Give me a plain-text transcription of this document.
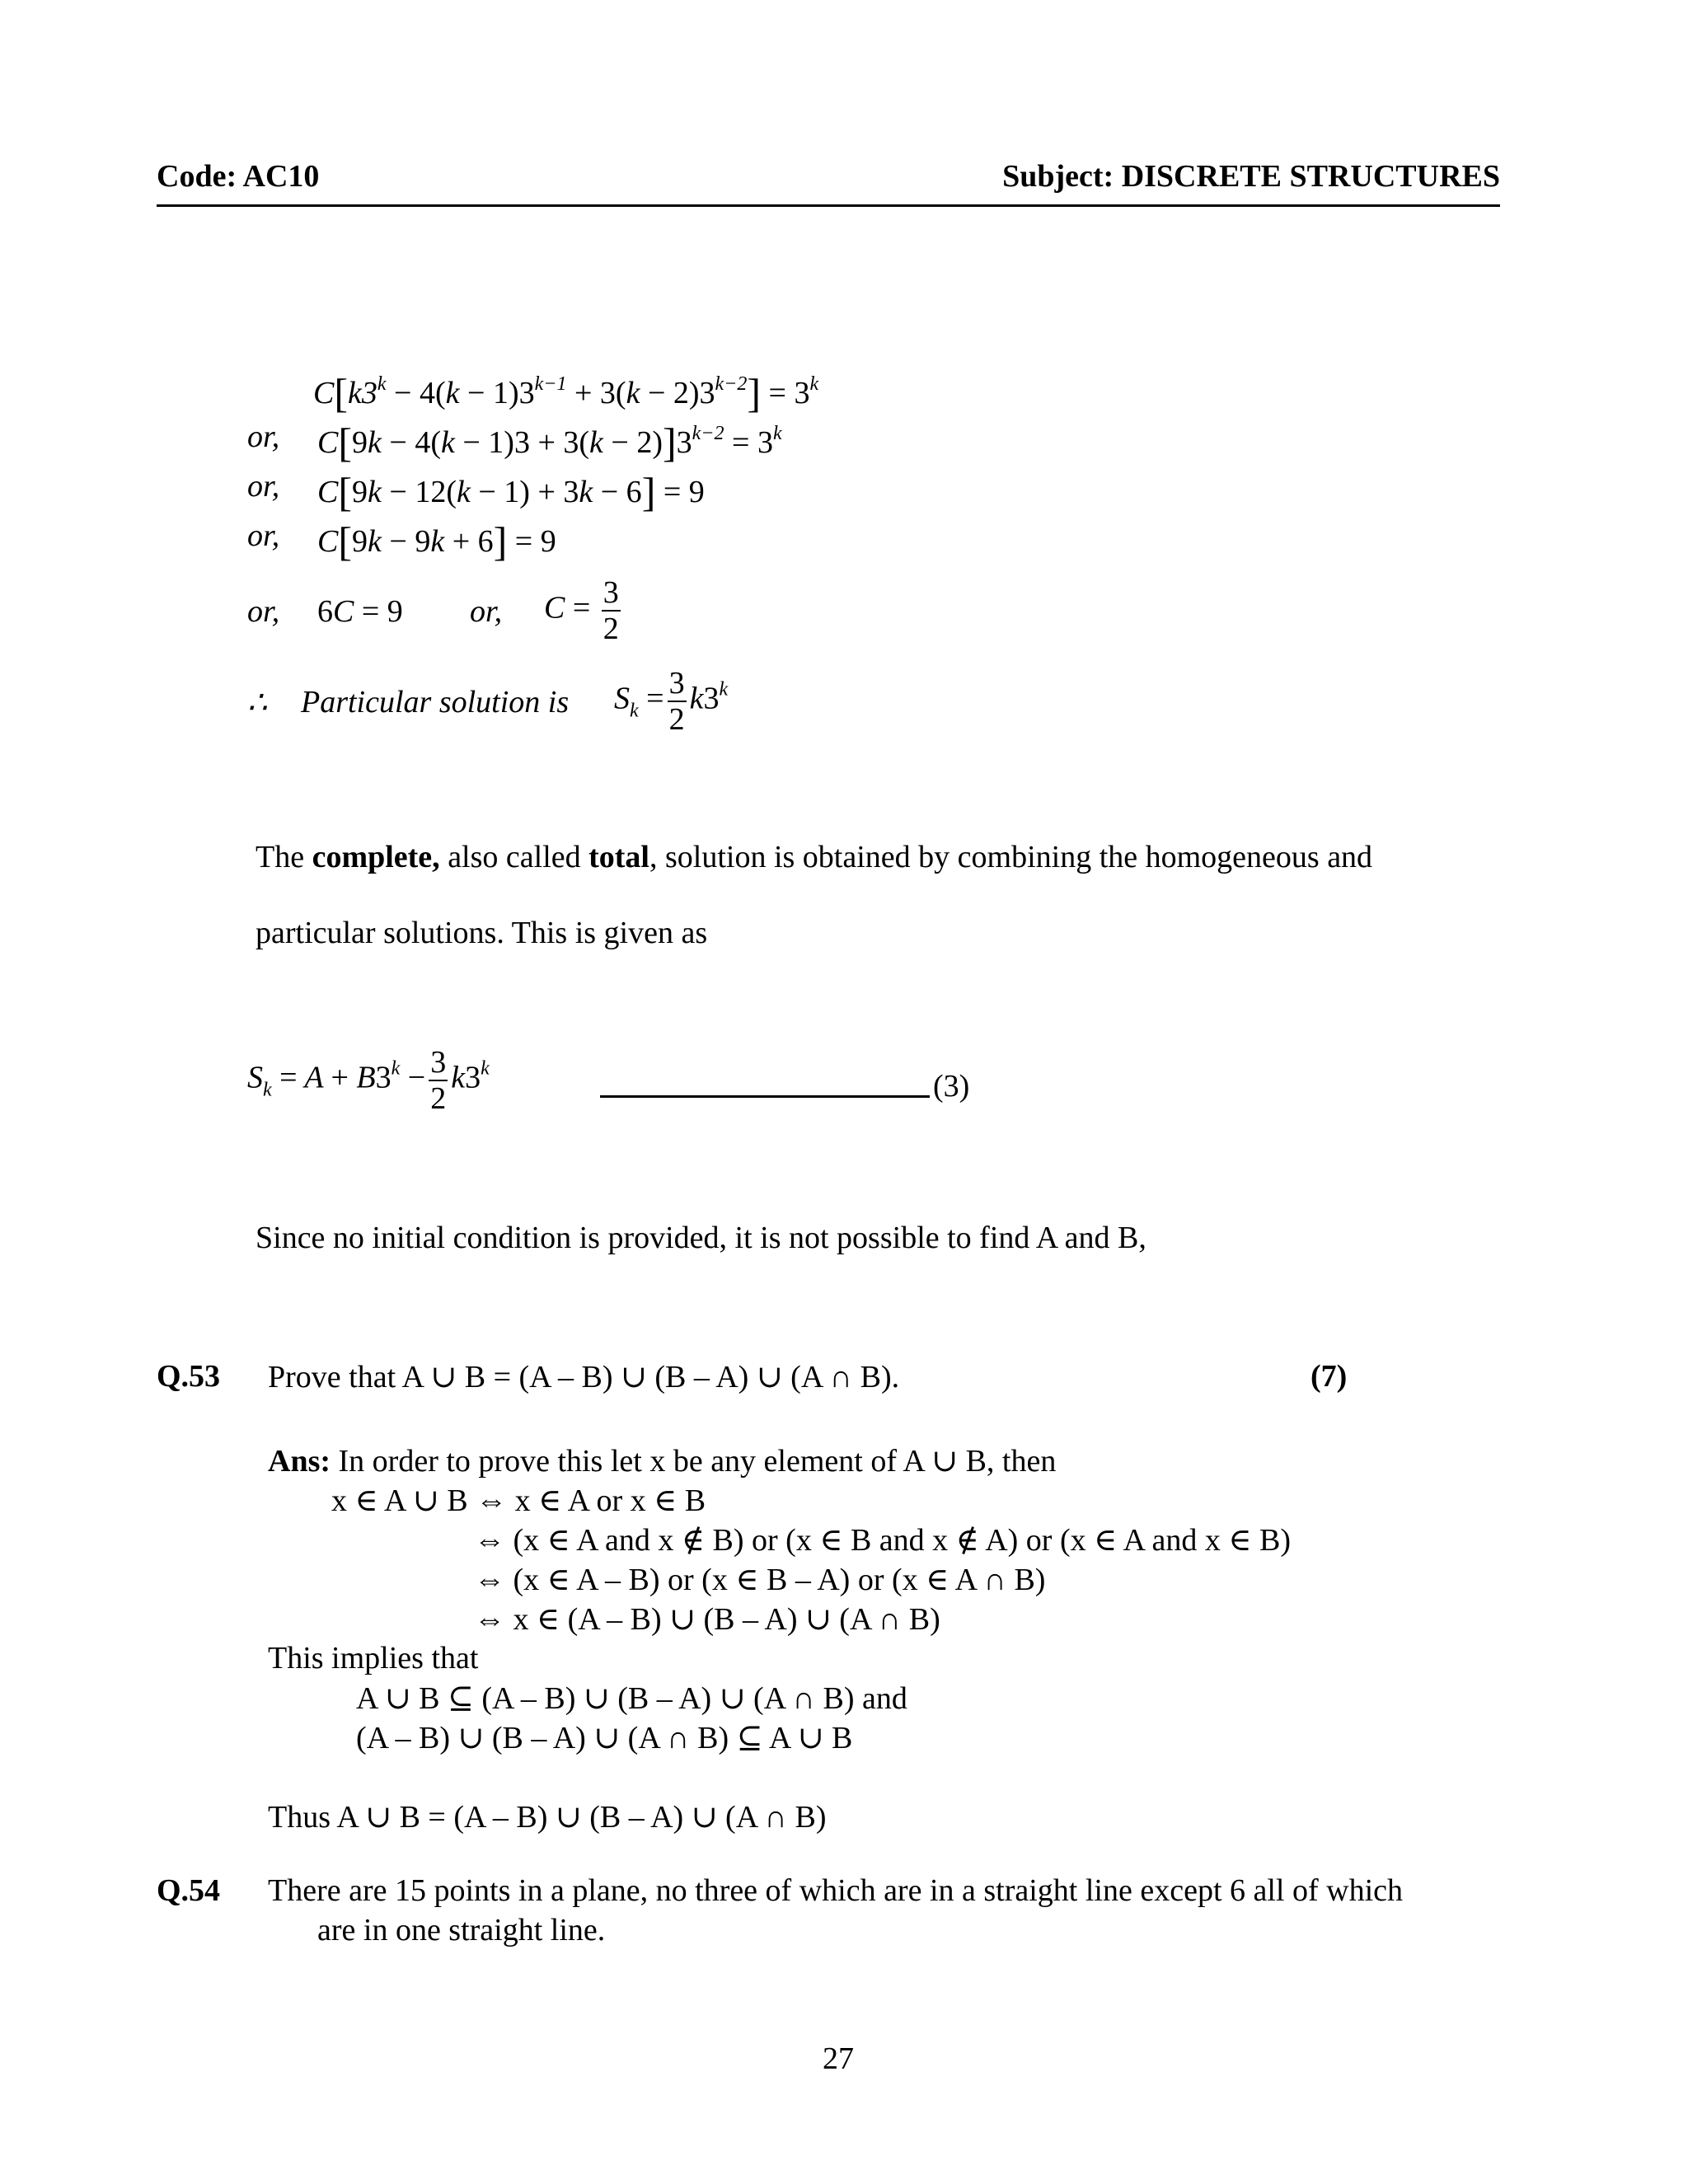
Code: AC10	Subject: DISCRETE STRUCTURES
$C[k3^k - 4(k - 1)3^{k-1} + 3(k - 2)3^{k-2}] = 3^k$
or, $C[9k - 4(k - 1)3 + 3(k - 2)]3^{k-2} = 3^k$
or, C[9k − 12(k − 1) + 3k − 6] = 9
or, C[9k − 9k + 6] = 9
or, 6C = 9 or, $C = \frac{3}{2}$
∴ Particular solution is $S_k = \frac{3}{2} k3^k$
The complete, also called total, solution is obtained by combining the homogeneous and
particular solutions. This is given as
$S_k = A + B3^k - \frac{3}{2} k3^k$
(3)
Since no initial condition is provided, it is not possible to find A and B,
Q.53 Prove that A ∪ B = (A – B) ∪ (B – A) ∪ (A ∩ B).	(7)
Ans: In order to prove this let x be any element of A ∪ B, then
x ∈ A ∪ B ⇔ x ∈ A or x ∈ B
⇔ (x ∈ A and x ∉ B) or (x ∈ B and x ∉ A) or (x ∈ A and x ∈ B)
⇔ (x ∈ A – B) or (x ∈ B – A) or (x ∈ A ∩ B)
⇔ x ∈ (A – B) ∪ (B – A) ∪ (A ∩ B)
This implies that
A ∪ B ⊆ (A – B) ∪ (B – A) ∪ (A ∩ B) and
(A – B) ∪ (B – A) ∪ (A ∩ B) ⊆ A ∪ B
Thus A ∪ B = (A – B) ∪ (B – A) ∪ (A ∩ B)
Q.54 There are 15 points in a plane, no three of which are in a straight line except 6 all of which
are in one straight line.
27
